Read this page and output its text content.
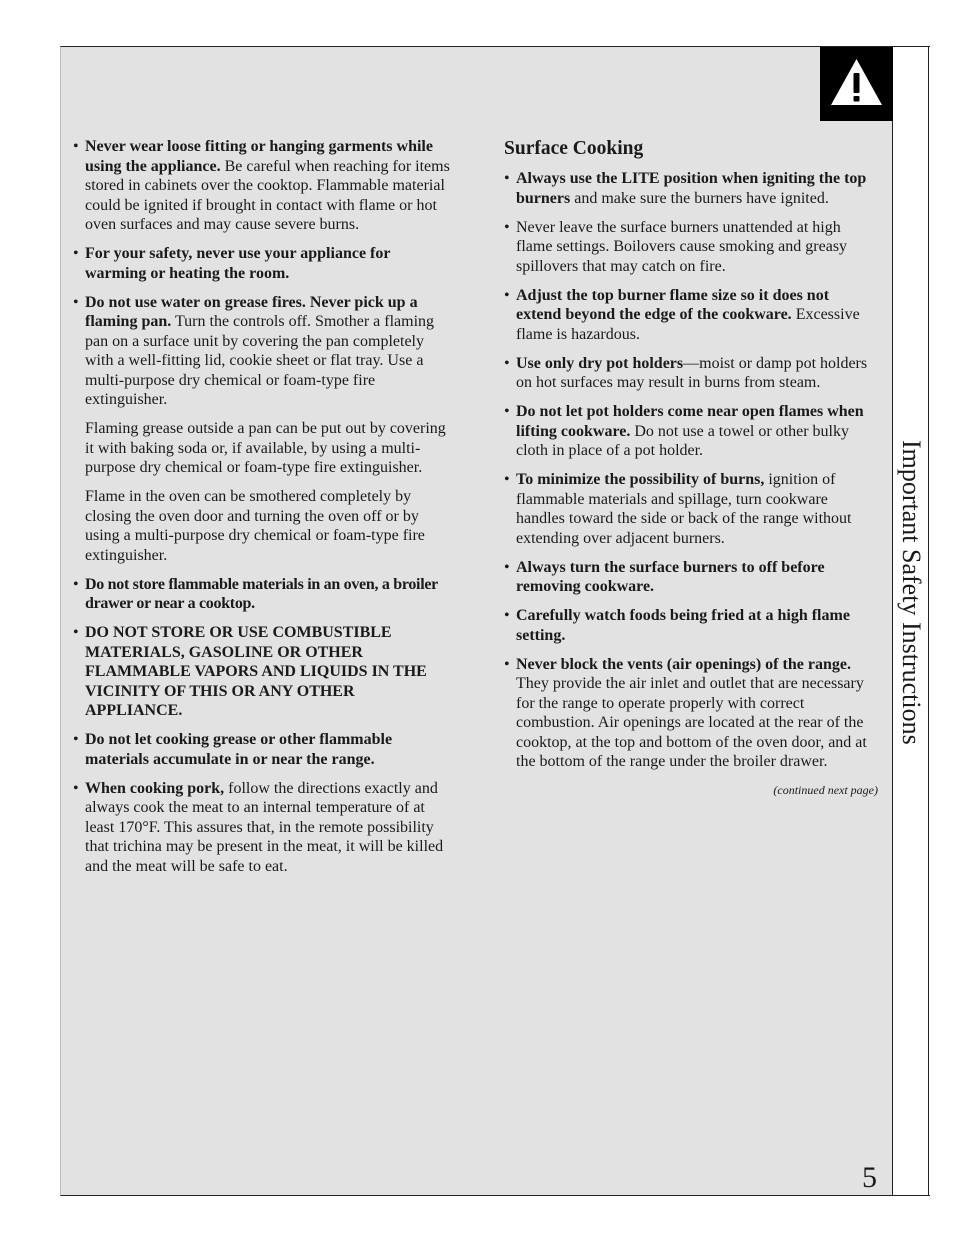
Important Safety Instructions
• Never wear loose fitting or hanging garments while using the appliance. Be careful when reaching for items stored in cabinets over the cooktop. Flammable material could be ignited if brought in contact with flame or hot oven surfaces and may cause severe burns.
• For your safety, never use your appliance for warming or heating the room.
• Do not use water on grease fires. Never pick up a flaming pan. Turn the controls off. Smother a flaming pan on a surface unit by covering the pan completely with a well-fitting lid, cookie sheet or flat tray. Use a multi-purpose dry chemical or foam-type fire extinguisher.
Flaming grease outside a pan can be put out by covering it with baking soda or, if available, by using a multi-purpose dry chemical or foam-type fire extinguisher.
Flame in the oven can be smothered completely by closing the oven door and turning the oven off or by using a multi-purpose dry chemical or foam-type fire extinguisher.
• Do not store flammable materials in an oven, a broiler drawer or near a cooktop.
• DO NOT STORE OR USE COMBUSTIBLE MATERIALS, GASOLINE OR OTHER FLAMMABLE VAPORS AND LIQUIDS IN THE VICINITY OF THIS OR ANY OTHER APPLIANCE.
• Do not let cooking grease or other flammable materials accumulate in or near the range.
• When cooking pork, follow the directions exactly and always cook the meat to an internal temperature of at least 170°F. This assures that, in the remote possibility that trichina may be present in the meat, it will be killed and the meat will be safe to eat.
Surface Cooking
• Always use the LITE position when igniting the top burners and make sure the burners have ignited.
• Never leave the surface burners unattended at high flame settings. Boilovers cause smoking and greasy spillovers that may catch on fire.
• Adjust the top burner flame size so it does not extend beyond the edge of the cookware. Excessive flame is hazardous.
• Use only dry pot holders—moist or damp pot holders on hot surfaces may result in burns from steam.
• Do not let pot holders come near open flames when lifting cookware. Do not use a towel or other bulky cloth in place of a pot holder.
• To minimize the possibility of burns, ignition of flammable materials and spillage, turn cookware handles toward the side or back of the range without extending over adjacent burners.
• Always turn the surface burners to off before removing cookware.
• Carefully watch foods being fried at a high flame setting.
• Never block the vents (air openings) of the range. They provide the air inlet and outlet that are necessary for the range to operate properly with correct combustion. Air openings are located at the rear of the cooktop, at the top and bottom of the oven door, and at the bottom of the range under the broiler drawer.
(continued next page)
5
